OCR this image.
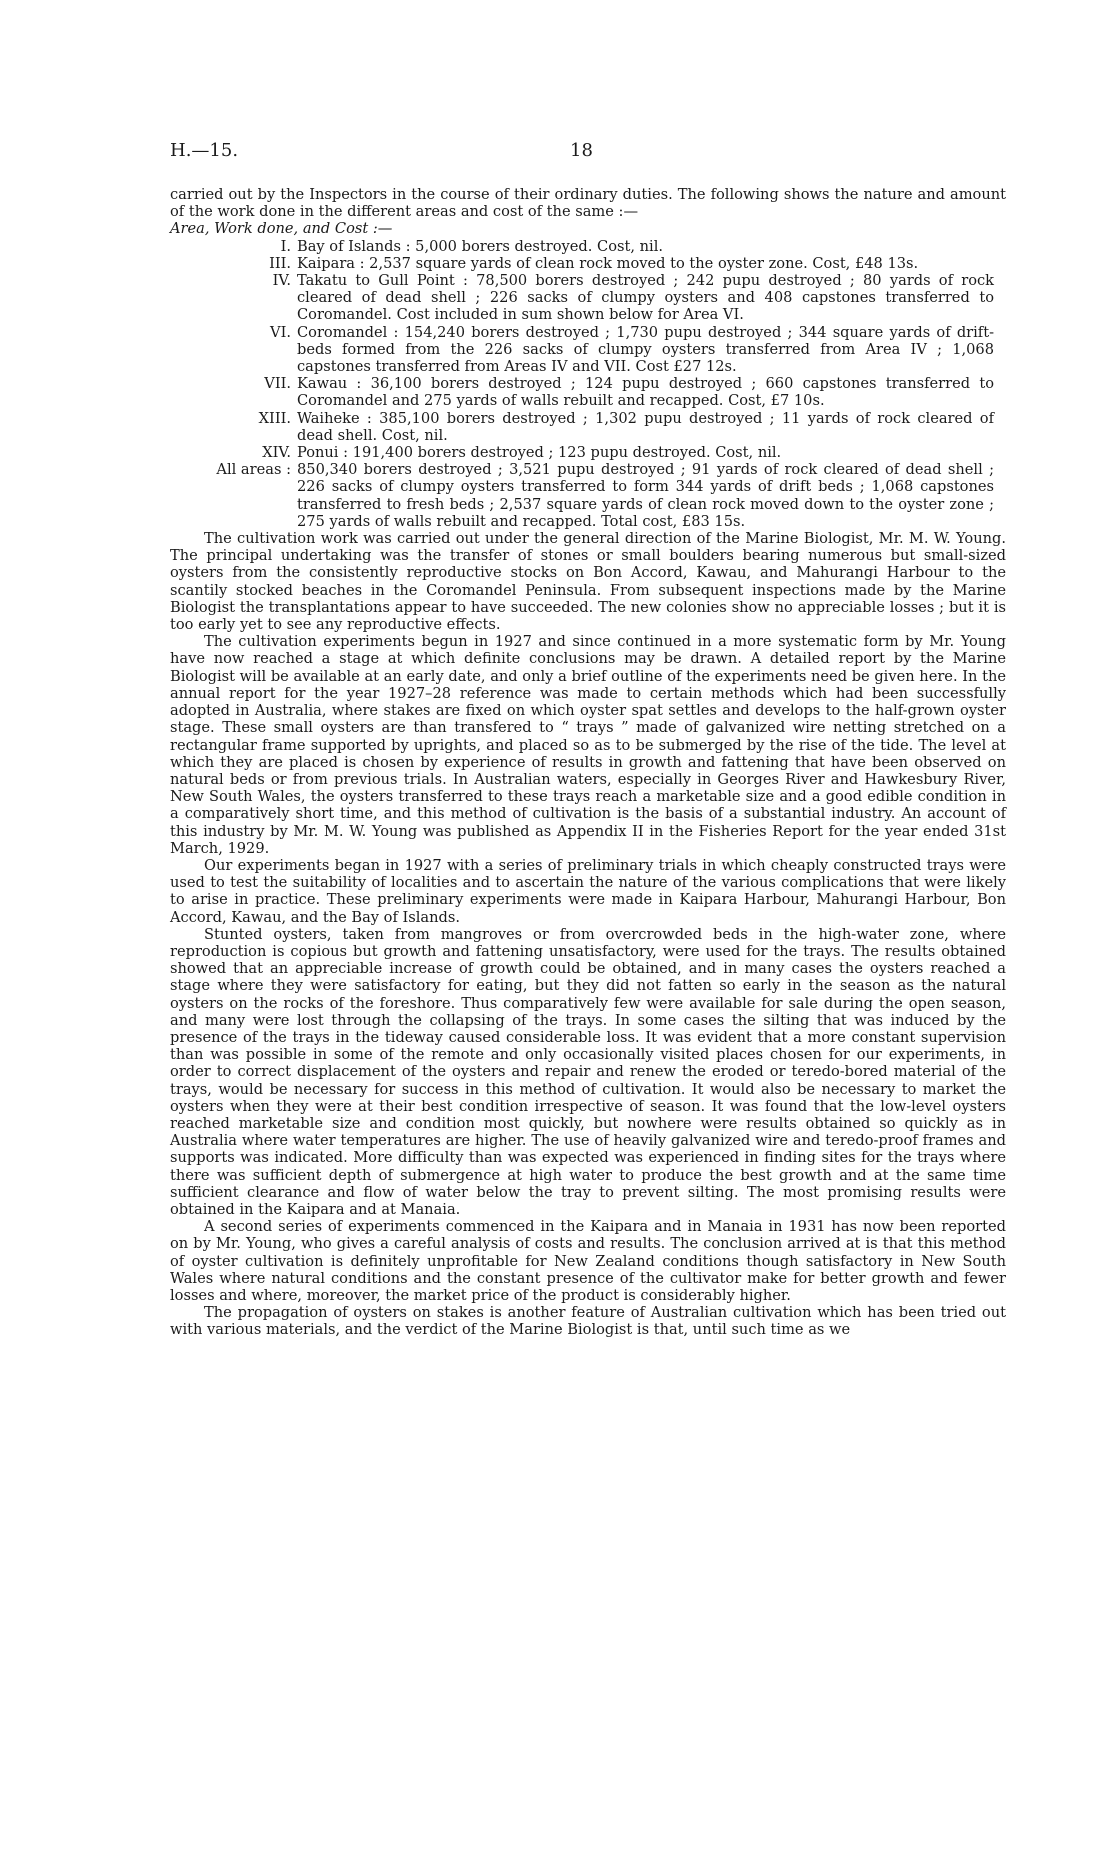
H.—15.	18

carried out by the Inspectors in the course of their ordinary duties. The following shows the nature and amount of the work done in the different areas and cost of the same :—

Area, Work done, and Cost :—

I. Bay of Islands : 5,000 borers destroyed. Cost, nil.
III. Kaipara : 2,537 square yards of clean rock moved to the oyster zone. Cost, £48 13s.
IV. Takatu to Gull Point : 78,500 borers destroyed ; 242 pupu destroyed ; 80 yards of rock cleared of dead shell ; 226 sacks of clumpy oysters and 408 capstones transferred to Coromandel. Cost included in sum shown below for Area VI.
VI. Coromandel : 154,240 borers destroyed ; 1,730 pupu destroyed ; 344 square yards of drift-beds formed from the 226 sacks of clumpy oysters transferred from Area IV ; 1,068 capstones transferred from Areas IV and VII. Cost £27 12s.
VII. Kawau : 36,100 borers destroyed ; 124 pupu destroyed ; 660 capstones transferred to Coromandel and 275 yards of walls rebuilt and recapped. Cost, £7 10s.
XIII. Waiheke : 385,100 borers destroyed ; 1,302 pupu destroyed ; 11 yards of rock cleared of dead shell. Cost, nil.
XIV. Ponui : 191,400 borers destroyed ; 123 pupu destroyed. Cost, nil.
All areas : 850,340 borers destroyed ; 3,521 pupu destroyed ; 91 yards of rock cleared of dead shell ; 226 sacks of clumpy oysters transferred to form 344 yards of drift beds ; 1,068 capstones transferred to fresh beds ; 2,537 square yards of clean rock moved down to the oyster zone ; 275 yards of walls rebuilt and recapped. Total cost, £83 15s.

The cultivation work was carried out under the general direction of the Marine Biologist, Mr. M. W. Young. The principal undertaking was the transfer of stones or small boulders bearing numerous but small-sized oysters from the consistently reproductive stocks on Bon Accord, Kawau, and Mahurangi Harbour to the scantily stocked beaches in the Coromandel Peninsula. From subsequent inspections made by the Marine Biologist the transplantations appear to have succeeded. The new colonies show no appreciable losses ; but it is too early yet to see any reproductive effects.

The cultivation experiments begun in 1927 and since continued in a more systematic form by Mr. Young have now reached a stage at which definite conclusions may be drawn. A detailed report by the Marine Biologist will be available at an early date, and only a brief outline of the experiments need be given here. In the annual report for the year 1927–28 reference was made to certain methods which had been successfully adopted in Australia, where stakes are fixed on which oyster spat settles and develops to the half-grown oyster stage. These small oysters are than transfered to “ trays ” made of galvanized wire netting stretched on a rectangular frame supported by uprights, and placed so as to be submerged by the rise of the tide. The level at which they are placed is chosen by experience of results in growth and fattening that have been observed on natural beds or from previous trials. In Australian waters, especially in Georges River and Hawkesbury River, New South Wales, the oysters transferred to these trays reach a marketable size and a good edible condition in a comparatively short time, and this method of cultivation is the basis of a substantial industry. An account of this industry by Mr. M. W. Young was published as Appendix II in the Fisheries Report for the year ended 31st March, 1929.

Our experiments began in 1927 with a series of preliminary trials in which cheaply constructed trays were used to test the suitability of localities and to ascertain the nature of the various complications that were likely to arise in practice. These preliminary experiments were made in Kaipara Harbour, Mahurangi Harbour, Bon Accord, Kawau, and the Bay of Islands.

Stunted oysters, taken from mangroves or from overcrowded beds in the high-water zone, where reproduction is copious but growth and fattening unsatisfactory, were used for the trays. The results obtained showed that an appreciable increase of growth could be obtained, and in many cases the oysters reached a stage where they were satisfactory for eating, but they did not fatten so early in the season as the natural oysters on the rocks of the foreshore. Thus comparatively few were available for sale during the open season, and many were lost through the collapsing of the trays. In some cases the silting that was induced by the presence of the trays in the tideway caused considerable loss. It was evident that a more constant supervision than was possible in some of the remote and only occasionally visited places chosen for our experiments, in order to correct displacement of the oysters and repair and renew the eroded or teredo-bored material of the trays, would be necessary for success in this method of cultivation. It would also be necessary to market the oysters when they were at their best condition irrespective of season. It was found that the low-level oysters reached marketable size and condition most quickly, but nowhere were results obtained so quickly as in Australia where water temperatures are higher. The use of heavily galvanized wire and teredo-proof frames and supports was indicated. More difficulty than was expected was experienced in finding sites for the trays where there was sufficient depth of submergence at high water to produce the best growth and at the same time sufficient clearance and flow of water below the tray to prevent silting. The most promising results were obtained in the Kaipara and at Manaia.

A second series of experiments commenced in the Kaipara and in Manaia in 1931 has now been reported on by Mr. Young, who gives a careful analysis of costs and results. The conclusion arrived at is that this method of oyster cultivation is definitely unprofitable for New Zealand conditions though satisfactory in New South Wales where natural conditions and the constant presence of the cultivator make for better growth and fewer losses and where, moreover, the market price of the product is considerably higher.

The propagation of oysters on stakes is another feature of Australian cultivation which has been tried out with various materials, and the verdict of the Marine Biologist is that, until such time as we
